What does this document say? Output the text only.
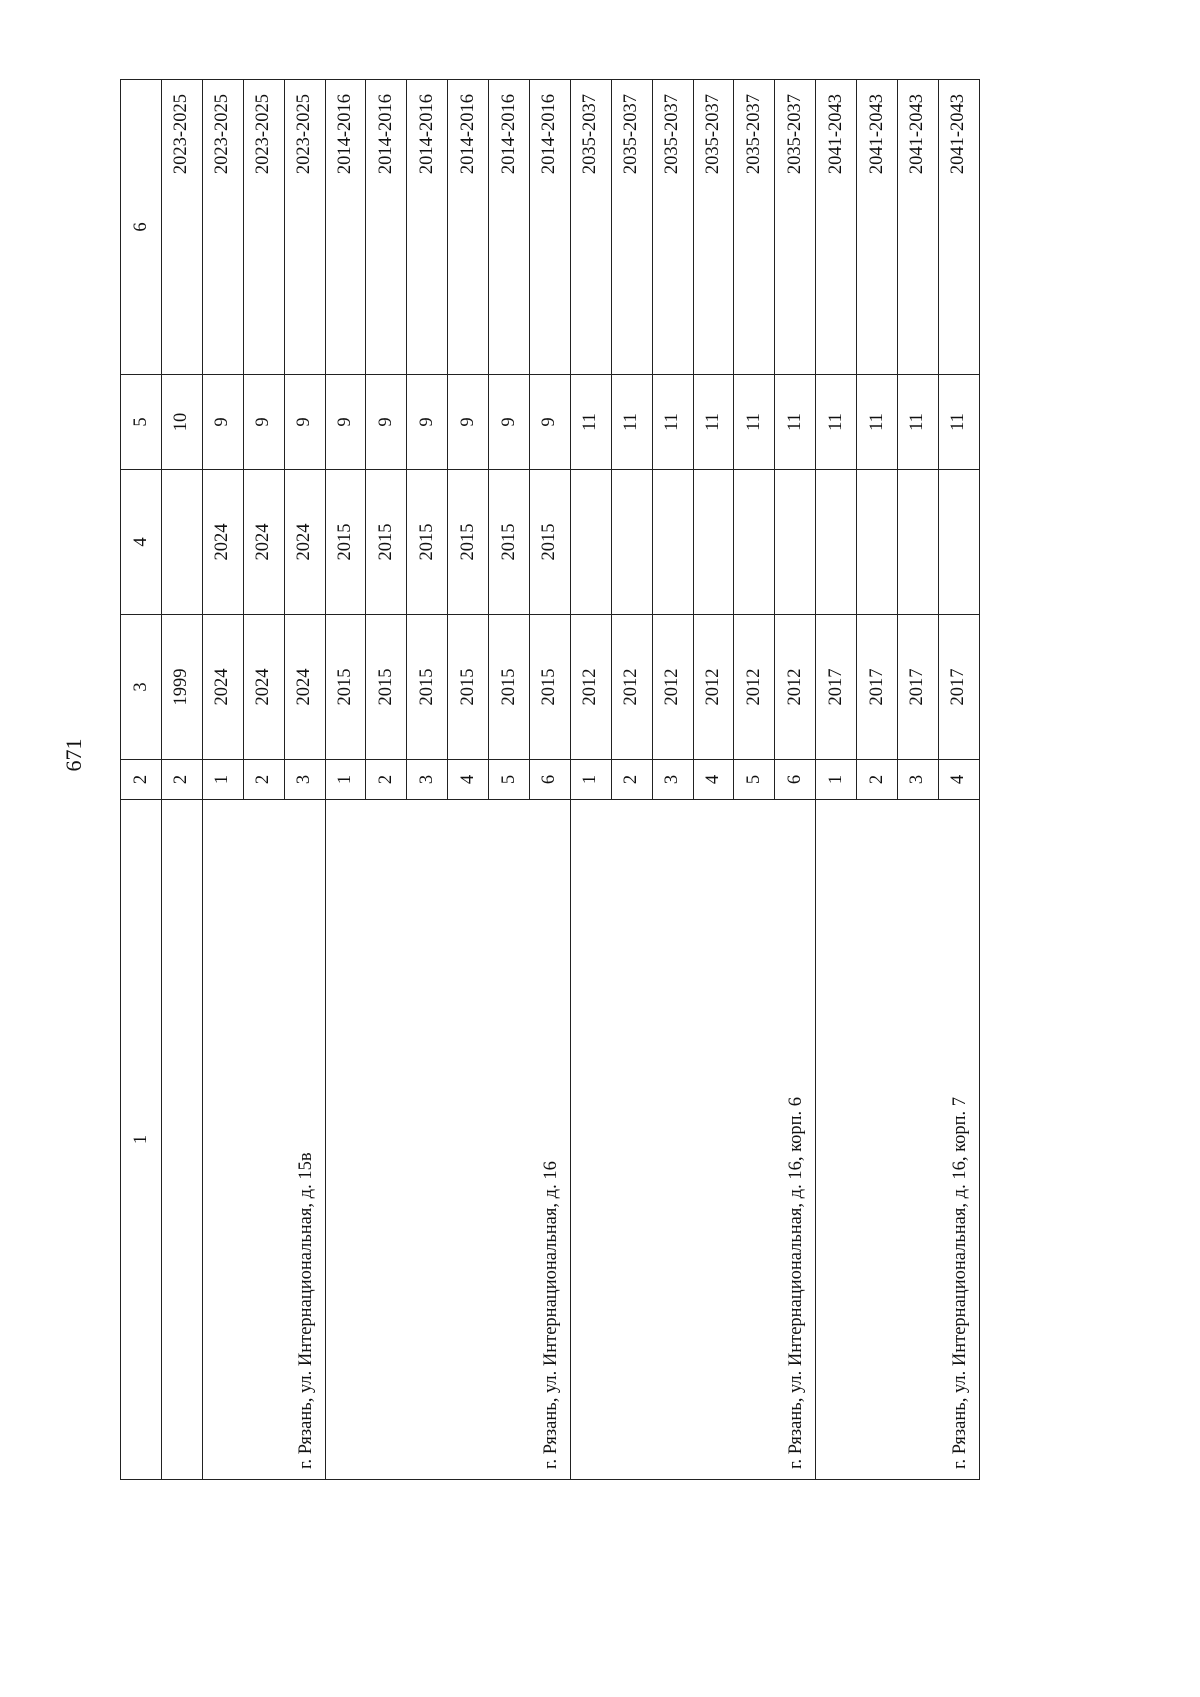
671
1	2	3	4	5	6
	2	1999		10	2023-2025
г. Рязань, ул. Интернациональная, д. 15в	1	2024	2024	9	2023-2025
	2	2024	2024	9	2023-2025
	3	2024	2024	9	2023-2025
г. Рязань, ул. Интернациональная, д. 16	1	2015	2015	9	2014-2016
	2	2015	2015	9	2014-2016
	3	2015	2015	9	2014-2016
	4	2015	2015	9	2014-2016
	5	2015	2015	9	2014-2016
	6	2015	2015	9	2014-2016
г. Рязань, ул. Интернациональная, д. 16, корп. 6	1	2012		11	2035-2037
	2	2012		11	2035-2037
	3	2012		11	2035-2037
	4	2012		11	2035-2037
	5	2012		11	2035-2037
	6	2012		11	2035-2037
г. Рязань, ул. Интернациональная, д. 16, корп. 7	1	2017		11	2041-2043
	2	2017		11	2041-2043
	3	2017		11	2041-2043
	4	2017		11	2041-2043
